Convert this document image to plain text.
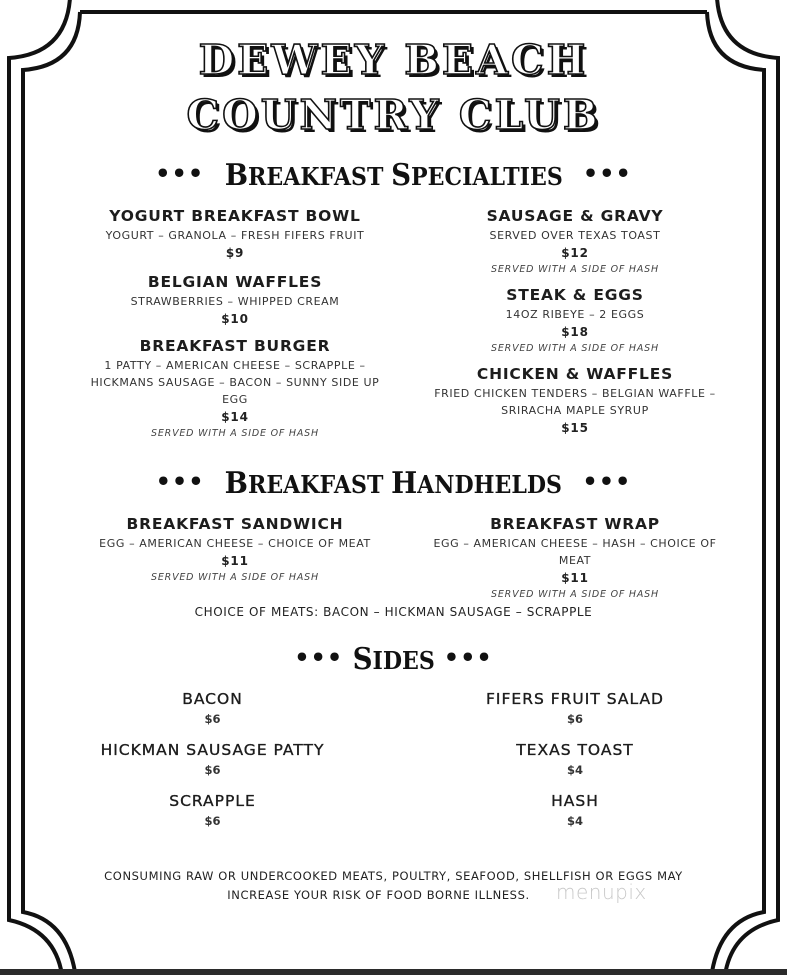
DEWEY BEACH
COUNTRY CLUB
••• BREAKFAST SPECIALTIES •••
YOGURT BREAKFAST BOWL
YOGURT – GRANOLA – FRESH FIFERS FRUIT
$9
BELGIAN WAFFLES
STRAWBERRIES – WHIPPED CREAM
$10
BREAKFAST BURGER
1 PATTY – AMERICAN CHEESE – SCRAPPLE –
HICKMANS SAUSAGE – BACON – SUNNY SIDE UP
EGG
$14
SERVED WITH A SIDE OF HASH
SAUSAGE & GRAVY
SERVED OVER TEXAS TOAST
$12
SERVED WITH A SIDE OF HASH
STEAK & EGGS
14OZ RIBEYE – 2 EGGS
$18
SERVED WITH A SIDE OF HASH
CHICKEN & WAFFLES
FRIED CHICKEN TENDERS – BELGIAN WAFFLE –
SRIRACHA MAPLE SYRUP
$15
••• BREAKFAST HANDHELDS •••
BREAKFAST SANDWICH
EGG – AMERICAN CHEESE – CHOICE OF MEAT
$11
SERVED WITH A SIDE OF HASH
BREAKFAST WRAP
EGG – AMERICAN CHEESE – HASH – CHOICE OF
MEAT
$11
SERVED WITH A SIDE OF HASH
CHOICE OF MEATS: BACON – HICKMAN SAUSAGE – SCRAPPLE
••• SIDES •••
BACON
$6
HICKMAN SAUSAGE PATTY
$6
SCRAPPLE
$6
FIFERS FRUIT SALAD
$6
TEXAS TOAST
$4
HASH
$4
CONSUMING RAW OR UNDERCOOKED MEATS, POULTRY, SEAFOOD, SHELLFISH OR EGGS MAY
INCREASE YOUR RISK OF FOOD BORNE ILLNESS.	menupix
